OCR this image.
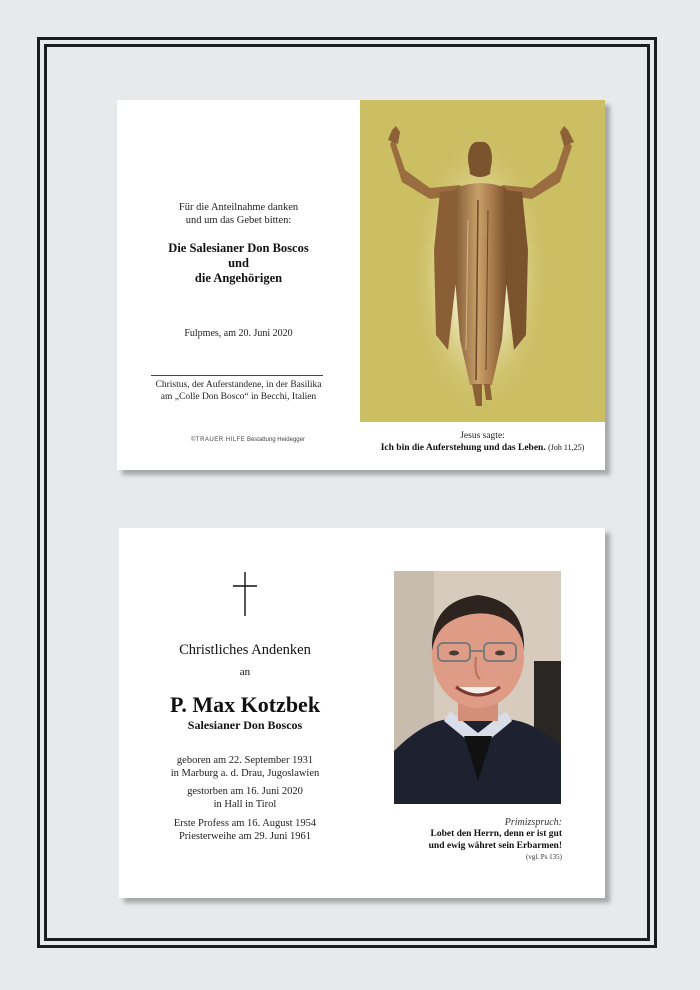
Für die Anteilnahme danken
und um das Gebet bitten:
Die Salesianer Don Boscos
und
die Angehörigen
Fulpmes, am 20. Juni 2020
Christus, der Auferstandene, in der Basilika
am „Colle Don Bosco“ in Becchi, Italien
©TRAUER HILFE Bestattung Heidegger	Jesus sagte:
Ich bin die Auferstehung und das Leben. (Joh 11,25)
Christliches Andenken
an
P. Max Kotzbek
Salesianer Don Boscos
geboren am 22. September 1931
in Marburg a. d. Drau, Jugoslawien
gestorben am 16. Juni 2020
in Hall in Tirol
Erste Profess am 16. August 1954
Priesterweihe am 29. Juni 1961
Primizspruch:
Lobet den Herrn, denn er ist gut
und ewig währet sein Erbarmen!
(vgl. Ps 135)
